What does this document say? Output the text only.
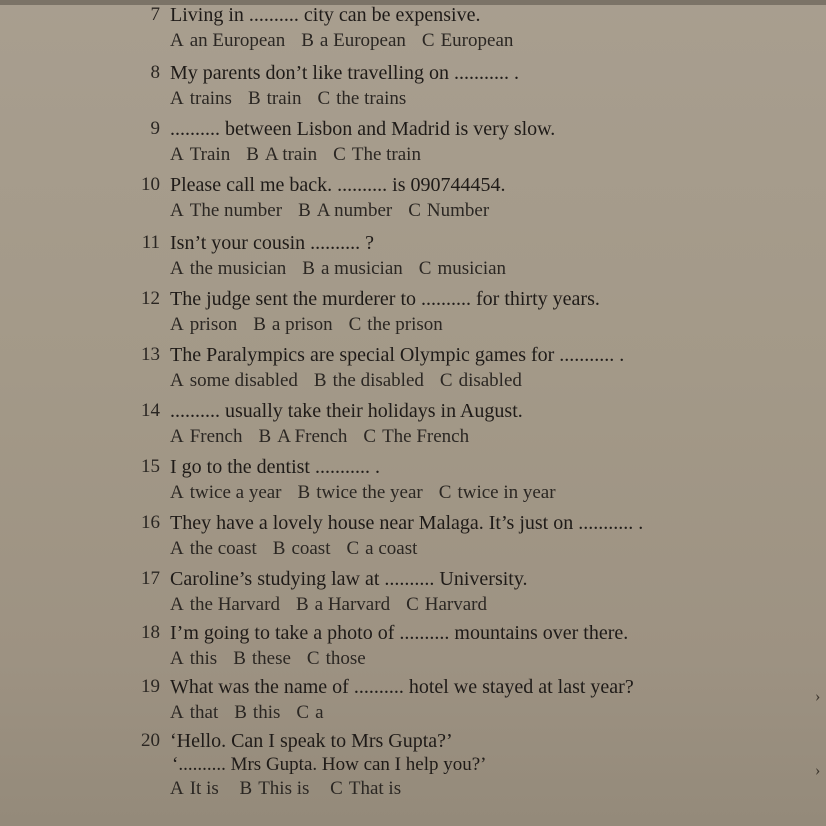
7 Living in .......... city can be expensive.
A an European B a European C European
8 My parents don’t like travelling on ........... .
A trains B train C the trains
9 .......... between Lisbon and Madrid is very slow.
A Train B A train C The train
10 Please call me back. .......... is 090744454.
A The number B A number C Number
11 Isn’t your cousin .......... ?
A the musician B a musician C musician
12 The judge sent the murderer to .......... for thirty years.
A prison B a prison C the prison
13 The Paralympics are special Olympic games for ........... .
A some disabled B the disabled C disabled
14 .......... usually take their holidays in August.
A French B A French C The French
15 I go to the dentist ........... .
A twice a year B twice the year C twice in year
16 They have a lovely house near Malaga. It’s just on ........... .
A the coast B coast C a coast
17 Caroline’s studying law at .......... University.
A the Harvard B a Harvard C Harvard
18 I’m going to take a photo of .......... mountains over there.
A this B these C those
19 What was the name of .......... hotel we stayed at last year?
A that B this C a
20 ‘Hello. Can I speak to Mrs Gupta?’
‘.......... Mrs Gupta. How can I help you?’
A It is B This is C That is
›
›
